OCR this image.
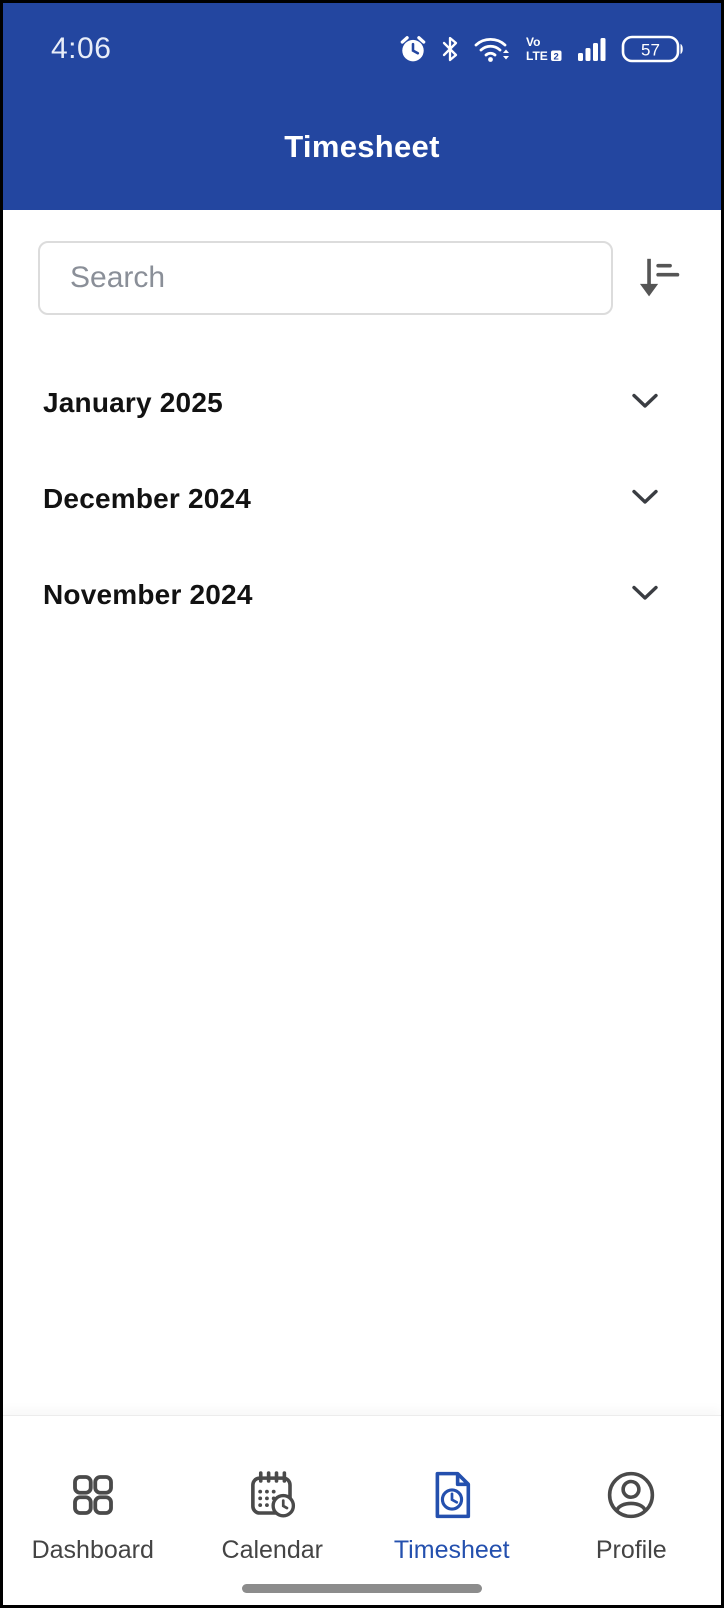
4:06	Vo
LTE 2	57
Timesheet
Search
January 2025
December 2024
November 2024
Dashboard	Calendar	Timesheet	Profile
